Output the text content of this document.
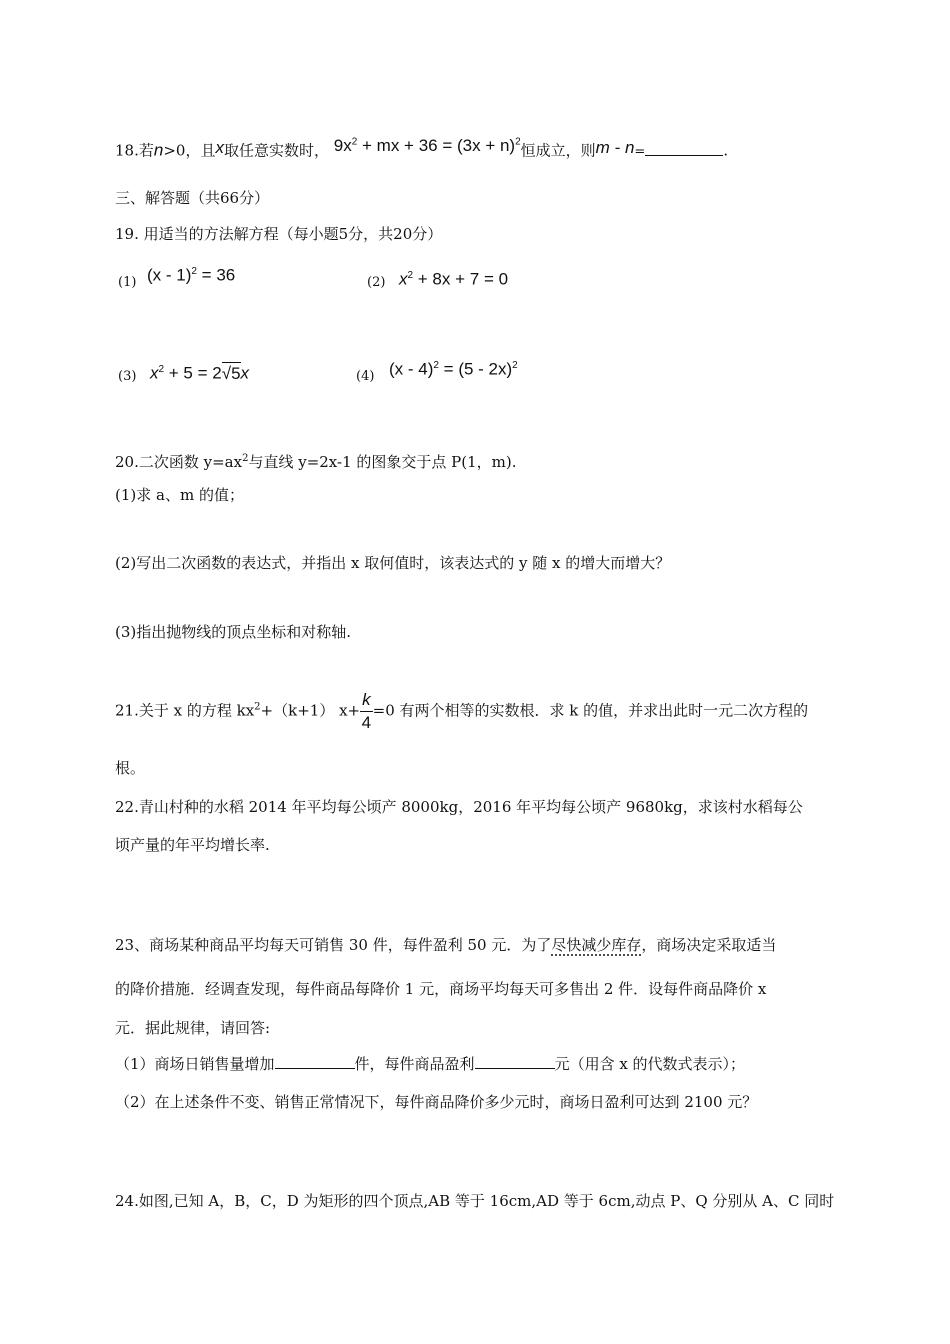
18.若n>0，且x取任意实数时， $9x^2$ + mx + $36 = (3x + n)^2$恒成立，则m - n=	.
三、解答题（共66分）
19. 用适当的方法解方程（每小题5分，共20分）
(1) (x - 1)$^2$ = 36	(2) $x^2 + 8x + 7 = 0$
(3) $x^2 + 5 = 2√5x$	(4) (x - 4)$^2$ = (5 - 2x)$^2$
20.二次函数 $y=ax^2$与直线 y=2x-1 的图象交于点 P(1，m).
(1)求 a、m 的值；
(2)写出二次函数的表达式，并指出 x 取何值时，该表达式的 y 随 x 的增大而增大？
(3)指出抛物线的顶点坐标和对称轴.
21.关于 x 的方程 $kx^2+(k+1)$ $x+ \frac{k}{4} =0$ 有两个相等的实数根．求 k 的值，并求出此时一元二次方程的
根。
22.青山村种的水稻 2014 年平均每公顷产 8000kg，2016 年平均每公顷产 9680kg，求该村水稻每公
顷产量的年平均增长率.
23、商场某种商品平均每天可销售 30 件，每件盈利 50 元．为了尽快减少库存，商场决定采取适当
的降价措施．经调查发现，每件商品每降价 1 元，商场平均每天可多售出 2 件．设每件商品降价 x
元．据此规律，请回答:
（1）商场日销售量增加	件，每件商品盈利	元（用含 x 的代数式表示）；
（2）在上述条件不变、销售正常情况下，每件商品降价多少元时，商场日盈利可达到 2100 元？
24.如图,已知 A，B，C，D 为矩形的四个顶点,AB 等于 16cm,AD 等于 6cm,动点 P、Q 分别从 A、C 同时
